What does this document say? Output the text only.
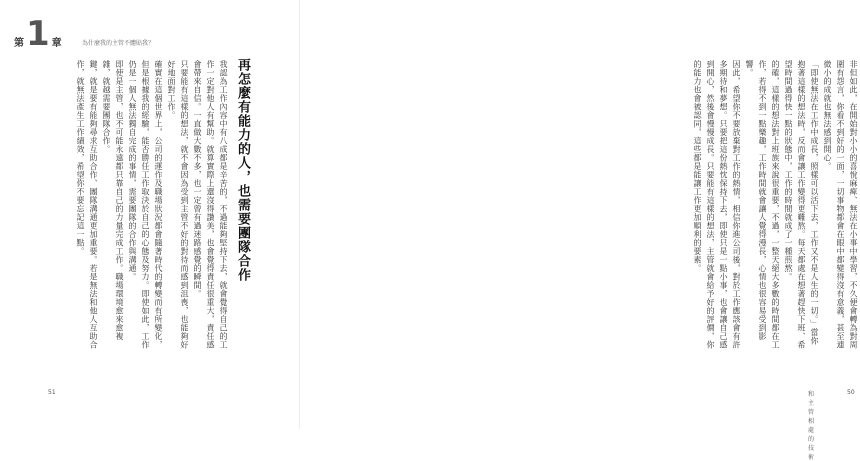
第 1 章	為什麼我的主管不體貼我？
再怎麼有能力的人，也需要團隊合作
我認為工作內容中有八成都是辛苦的，不過能夠堅持下去，就會覺得自己的工作一定對他人有幫助。就算實際上還沒得讚美，也會覺得責任很重大，責任感會帶來自信。一直做大數不多，也一定曾有過迷路感覺的瞬間。
只要能有這樣的想法，就不會因為受到主管不好的對待而感到沮喪，也能夠好好地面對工作。
確實在這個世界上，公司的運作及職場狀況都會隨著時代的轉變而有所變化，但是根據我的經驗，能否勝任工作取決於自己的心態及努力。即使如此，工作仍是一個人無法獨自完成的事情，需要團隊的合作與溝通。
即使是主管，也不可能永遠都只靠自己的力量完成工作。職場環境愈來愈複雜，就越需要團隊合作。
鍵，就是要有能夠尋求互助合作、團隊溝通更加重要。若是無法和他人互助合作，就無法產生工作績效，希望你不要忘記這一點。
51
非但如此，在開始對小小的喜悅麻痺、無法在小事中學習，不久便會轉為對周圍有怨言，你看不到好的一面，一切事物都會在眼中都變得沒有意義，甚至連微小的成就也無法感到開心。
「即使無法在工作中成長，照樣可以活下去，工作又不是人生的一切。」當你抱著這樣的想法時，反而會讓工作變得更難熬。每天都處在想著趕快下班、希望時間過得快一點的狀態中，工作的時間就成了一種煎熬。
的確，這樣的想法對上班族來說很重要，不過，一整天絕大多數的時間都在工作，若得不到一點樂趣，工作時間就會讓人覺得漫長，心情也很容易受到影響。
因此，希望你不要放棄對工作的熱情，相信你進公司後，對於工作應該會有許多期待和夢想。只要把這份熱忱保持下去，即使只是一點小事，也會讓自己感到開心，然後會慢慢成長。只要能有這樣的想法，主管就會給予好的評價，你的能力也會被認同，這些都是能讓工作更加順利的要素。
和主管相處的技術
50
